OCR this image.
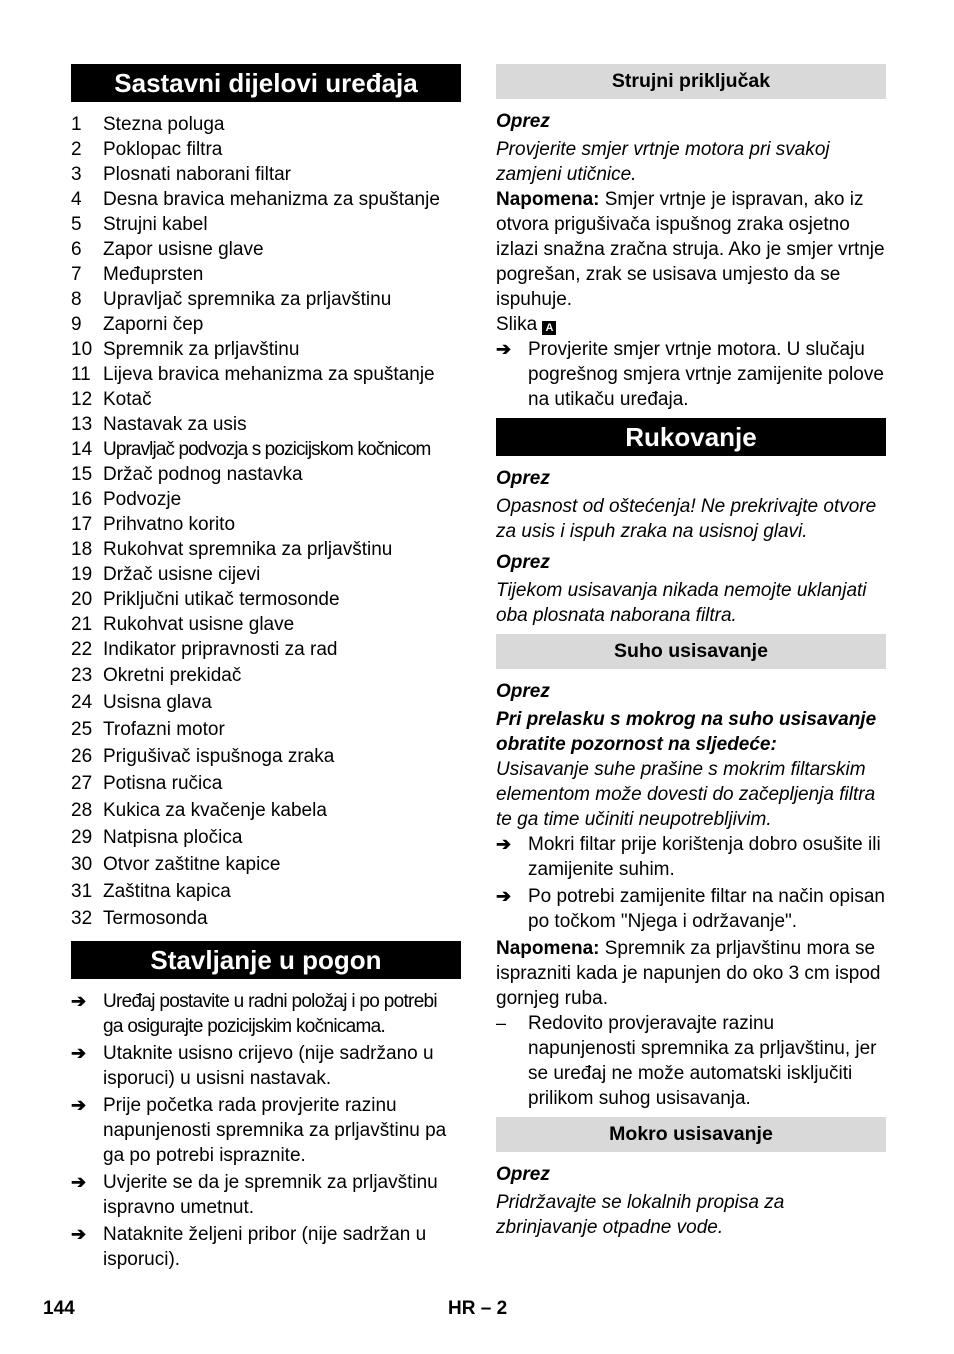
Sastavni dijelovi uređaja
1	Stezna poluga
2	Poklopac filtra
3	Plosnati naborani filtar
4	Desna bravica mehanizma za spuštanje
5	Strujni kabel
6	Zapor usisne glave
7	Međuprsten
8	Upravljač spremnika za prljavštinu
9	Zaporni čep
10 Spremnik za prljavštinu
11 Lijeva bravica mehanizma za spuštanje
12 Kotač
13 Nastavak za usis
14 Upravljač podvozja s pozicijskom kočnicom
15 Držač podnog nastavka
16 Podvozje
17 Prihvatno korito
18 Rukohvat spremnika za prljavštinu
19 Držač usisne cijevi
20 Priključni utikač termosonde
21 Rukohvat usisne glave
22 Indikator pripravnosti za rad
23 Okretni prekidač
24 Usisna glava
25 Trofazni motor
26 Prigušivač ispušnoga zraka
27 Potisna ručica
28 Kukica za kvačenje kabela
29 Natpisna pločica
30 Otvor zaštitne kapice
31 Zaštitna kapica
32 Termosonda
Stavljanje u pogon
➔ Uređaj postavite u radni položaj i po potrebi ga osigurajte pozicijskim kočnicama.
➔ Utaknite usisno crijevo (nije sadržano u isporuci) u usisni nastavak.
➔ Prije početka rada provjerite razinu napunjenosti spremnika za prljavštinu pa ga po potrebi ispraznite.
➔ Uvjerite se da je spremnik za prljavštinu ispravno umetnut.
➔ Nataknite željeni pribor (nije sadržan u isporuci).
Strujni priključak

Oprez

Provjerite smjer vrtnje motora pri svakoj zamjeni utičnice.

Napomena: Smjer vrtnje je ispravan, ako iz otvora prigušivača ispušnog zraka osjetno izlazi snažna zračna struja. Ako je smjer vrtnje pogrešan, zrak se usisava umjesto da se ispuhuje.

Slika A

➔ Provjerite smjer vrtnje motora. U slučaju pogrešnog smjera vrtnje zamijenite polove na utikaču uređaja.
Rukovanje

Oprez

Opasnost od oštećenja! Ne prekrivajte otvore za usis i ispuh zraka na usisnoj glavi.

Oprez

Tijekom usisavanja nikada nemojte uklanjati oba plosnata naborana filtra.

Suho usisavanje

Oprez

Pri prelasku s mokrog na suho usisavanje obratite pozornost na sljedeće:

Usisavanje suhe prašine s mokrim filtarskim elementom može dovesti do začepljenja filtra te ga time učiniti neupotrebljivim.

➔ Mokri filtar prije korištenja dobro osušite ili zamijenite suhim.
➔ Po potrebi zamijenite filtar na način opisan po točkom "Njega i održavanje".

Napomena: Spremnik za prljavštinu mora se isprazniti kada je napunjen do oko 3 cm ispod gornjeg ruba.

–	Redovito provjeravajte razinu napunjenosti spremnika za prljavštinu, jer se uređaj ne može automatski isključiti prilikom suhog usisavanja.
Mokro usisavanje

Oprez

Pridržavajte se lokalnih propisa za zbrinjavanje otpadne vode.

144	HR – 2
